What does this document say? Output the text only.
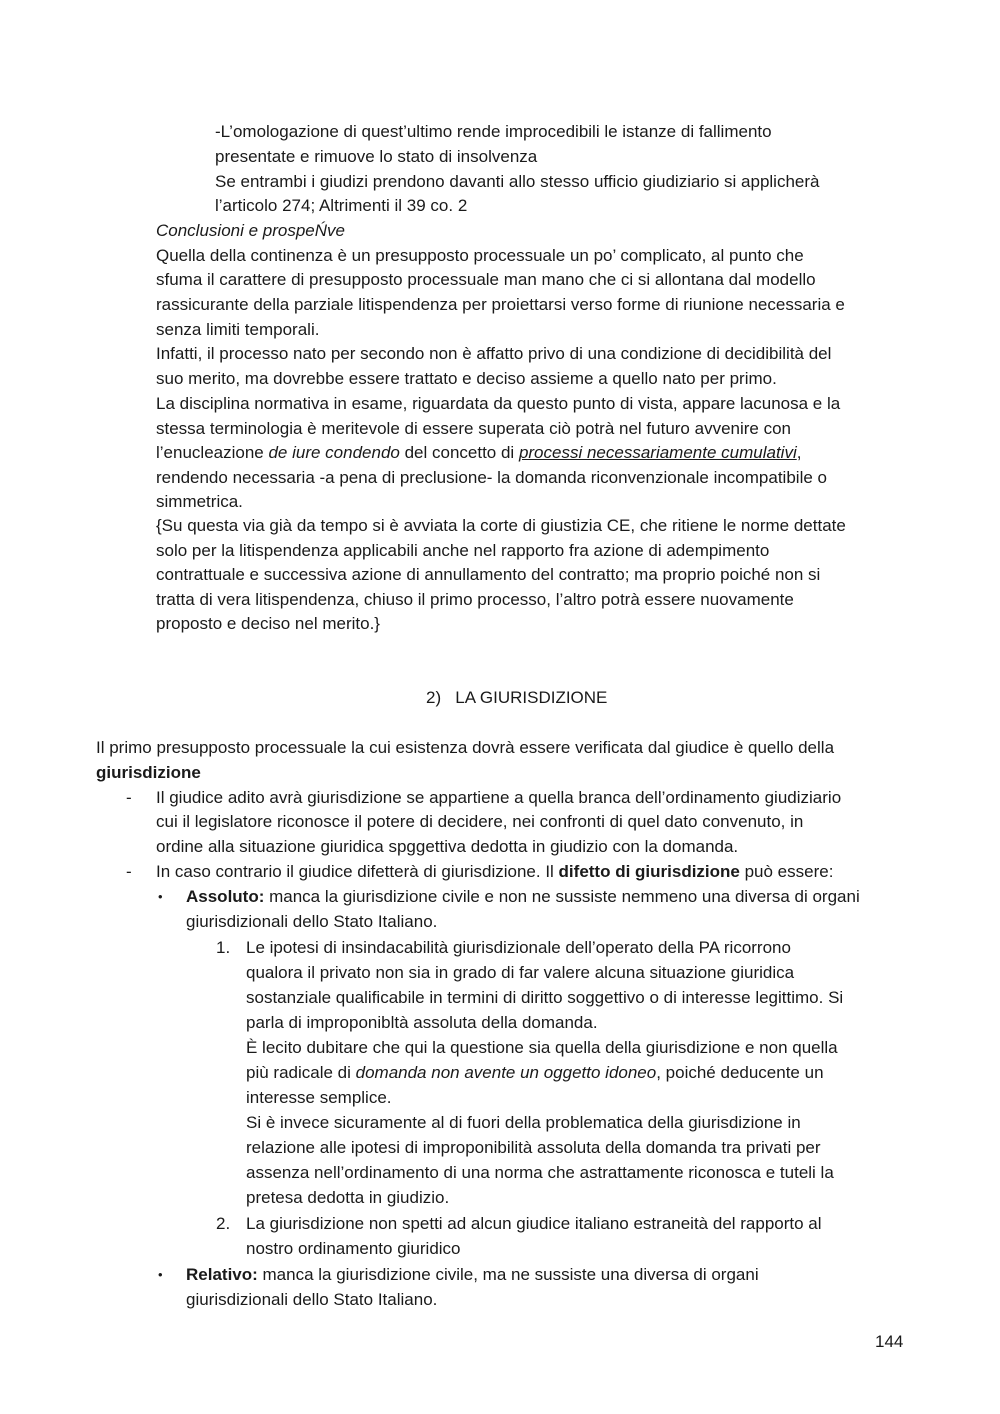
-L’omologazione di quest’ultimo rende improcedibili le istanze di fallimento
presentate e rimuove lo stato di insolvenza
Se entrambi i giudizi prendono davanti allo stesso ufficio giudiziario si applicherà
l’articolo 274; Altrimenti il 39 co. 2
Conclusioni e prospeŃve
Quella della continenza è un presupposto processuale un po’ complicato, al punto che
sfuma il carattere di presupposto processuale man mano che ci si allontana dal modello
rassicurante della parziale litispendenza per proiettarsi verso forme di riunione necessaria e
senza limiti temporali.
Infatti, il processo nato per secondo non è affatto privo di una condizione di decidibilità del
suo merito, ma dovrebbe essere trattato e deciso assieme a quello nato per primo.
La disciplina normativa in esame, riguardata da questo punto di vista, appare lacunosa e la
stessa terminologia è meritevole di essere superata ciò potrà nel futuro avvenire con
l’enucleazione de iure condendo del concetto di processi necessariamente cumulativi,
rendendo necessaria -a pena di preclusione- la domanda riconvenzionale incompatibile o
simmetrica.
{Su questa via già da tempo si è avviata la corte di giustizia CE, che ritiene le norme dettate
solo per la litispendenza applicabili anche nel rapporto fra azione di adempimento
contrattuale e successiva azione di annullamento del contratto; ma proprio poiché non si
tratta di vera litispendenza, chiuso il primo processo, l’altro potrà essere nuovamente
proposto e deciso nel merito.}
2) LA GIURISDIZIONE
Il primo presupposto processuale la cui esistenza dovrà essere verificata dal giudice è quello della
giurisdizione
- Il giudice adito avrà giurisdizione se appartiene a quella branca dell’ordinamento giudiziario
cui il legislatore riconosce il potere di decidere, nei confronti di quel dato convenuto, in
ordine alla situazione giuridica spggettiva dedotta in giudizio con la domanda.
- In caso contrario il giudice difetterà di giurisdizione. Il difetto di giurisdizione può essere:
• Assoluto: manca la giurisdizione civile e non ne sussiste nemmeno una diversa di organi
giurisdizionali dello Stato Italiano.
1. Le ipotesi di insindacabilità giurisdizionale dell’operato della PA ricorrono
qualora il privato non sia in grado di far valere alcuna situazione giuridica
sostanziale qualificabile in termini di diritto soggettivo o di interesse legittimo. Si
parla di improponibltà assoluta della domanda.
È lecito dubitare che qui la questione sia quella della giurisdizione e non quella
più radicale di domanda non avente un oggetto idoneo, poiché deducente un
interesse semplice.
Si è invece sicuramente al di fuori della problematica della giurisdizione in
relazione alle ipotesi di improponibilità assoluta della domanda tra privati per
assenza nell’ordinamento di una norma che astrattamente riconosca e tuteli la
pretesa dedotta in giudizio.
2. La giurisdizione non spetti ad alcun giudice italiano estraneità del rapporto al
nostro ordinamento giuridico
• Relativo: manca la giurisdizione civile, ma ne sussiste una diversa di organi
giurisdizionali dello Stato Italiano.
144
